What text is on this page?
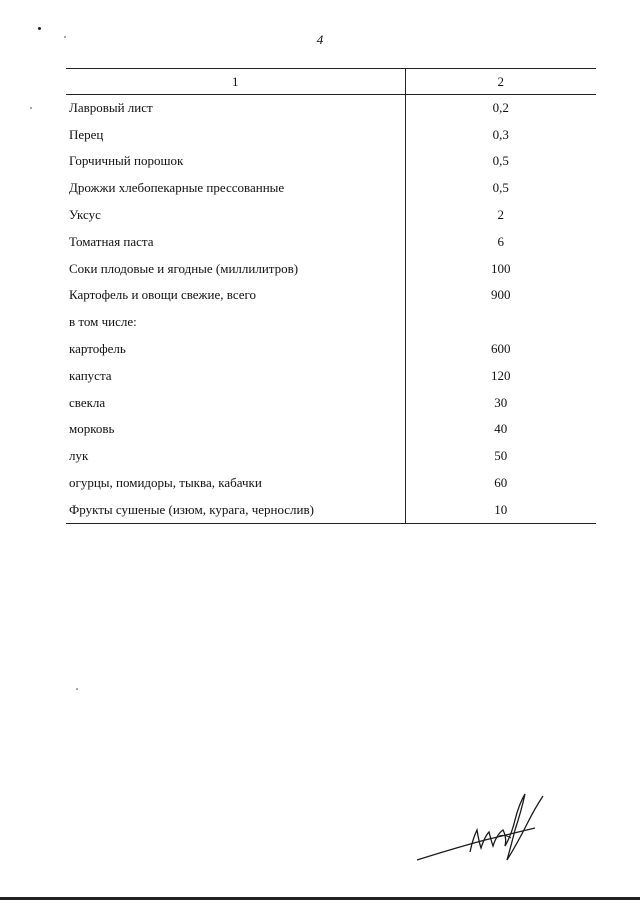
4
1	2
Лавровый лист	0,2
Перец	0,3
Горчичный порошок	0,5
Дрожжи хлебопекарные прессованные	0,5
Уксус	2
Томатная паста	6
Соки плодовые и ягодные (миллилитров)	100
Картофель и овощи свежие, всего	900
в том числе:	
картофель	600
капуста	120
свекла	30
морковь	40
лук	50
огурцы, помидоры, тыква, кабачки	60
Фрукты сушеные (изюм, курага, чернослив)	10
